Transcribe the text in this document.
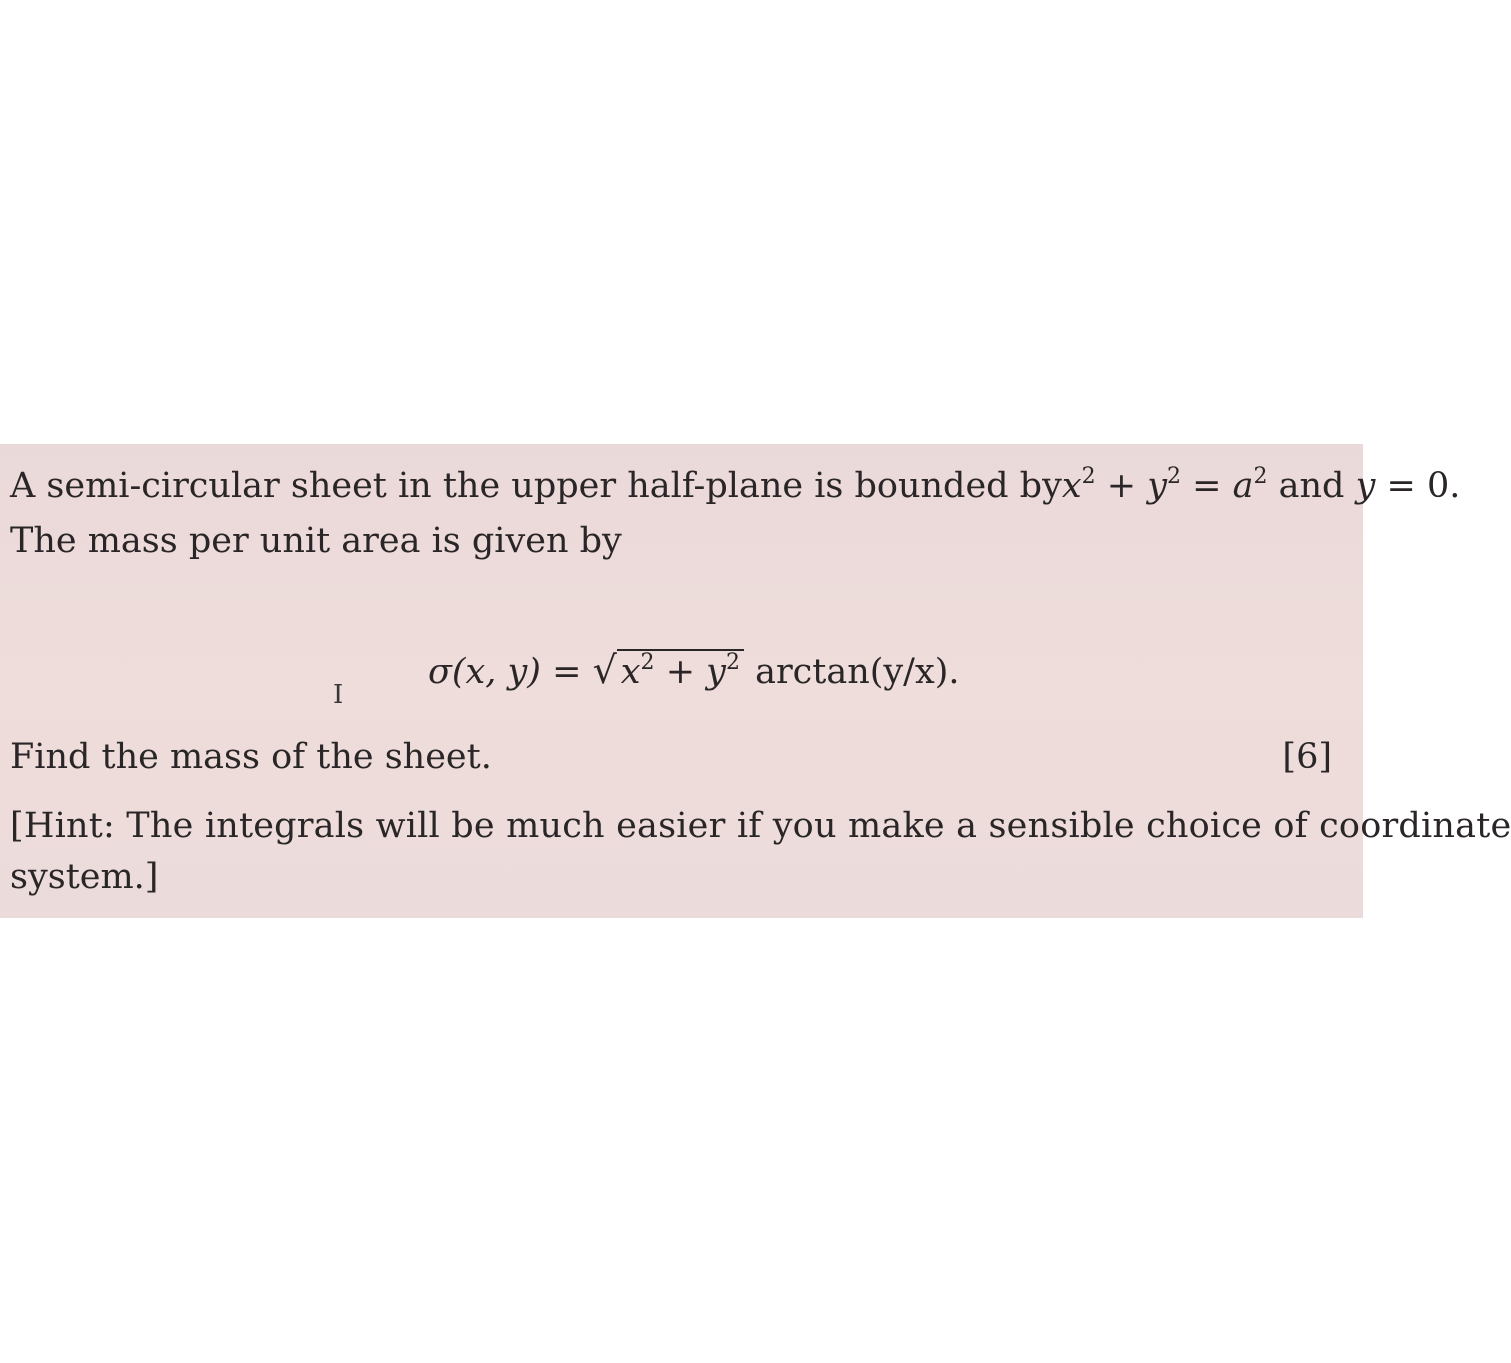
A semi-circular sheet in the upper half-plane is bounded by $x^2 + y^2 = a^2$ and y = 0.
The mass per unit area is given by
σ(x, y) = √ $x^2 + y^2$ arctan(y/x).
I
Find the mass of the sheet.	[6]
[Hint: The integrals will be much easier if you make a sensible choice of coordinate
system.]
